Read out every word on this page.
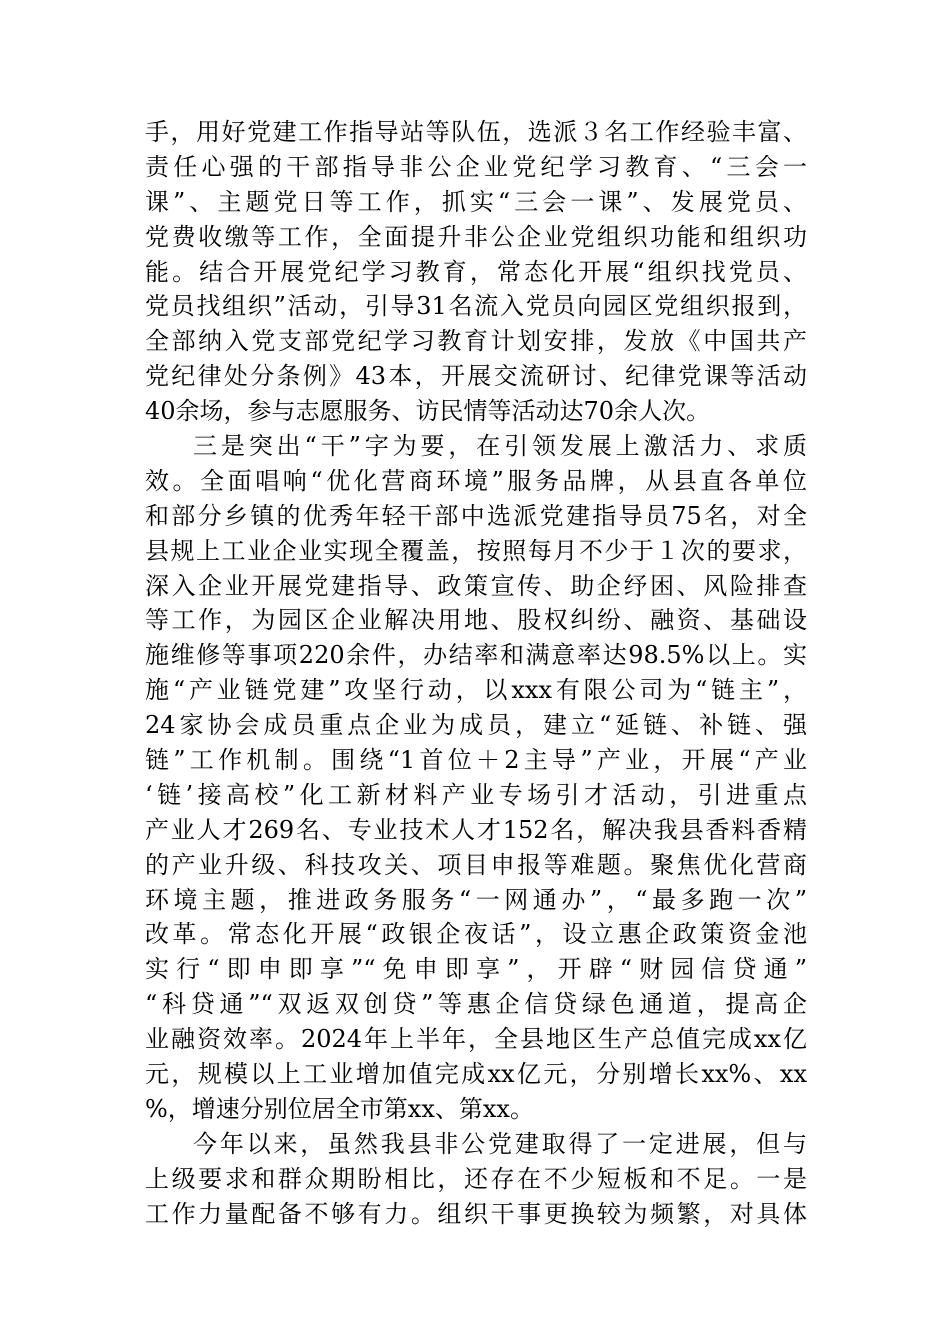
手，用好党建工作指导站等队伍，选派３名工作经验丰富、
责任心强的干部指导非公企业党纪学习教育、“三会一
课”、主题党日等工作，抓实“三会一课”、发展党员、
党费收缴等工作，全面提升非公企业党组织功能和组织功
能。结合开展党纪学习教育，常态化开展“组织找党员、
党员找组织”活动，引导31名流入党员向园区党组织报到，
全部纳入党支部党纪学习教育计划安排，发放《中国共产
党纪律处分条例》43本，开展交流研讨、纪律党课等活动
40余场，参与志愿服务、访民情等活动达70余人次。
三是突出“干”字为要，在引领发展上激活力、求质
效。全面唱响“优化营商环境”服务品牌，从县直各单位
和部分乡镇的优秀年轻干部中选派党建指导员75名，对全
县规上工业企业实现全覆盖，按照每月不少于１次的要求，
深入企业开展党建指导、政策宣传、助企纾困、风险排查
等工作，为园区企业解决用地、股权纠纷、融资、基础设
施维修等事项220余件，办结率和满意率达98.5%以上。实
施“产业链党建”攻坚行动，以xxx有限公司为“链主”，
24家协会成员重点企业为成员，建立“延链、补链、强
链”工作机制。围绕“1首位＋2主导”产业，开展“产业
‘链’接高校”化工新材料产业专场引才活动，引进重点
产业人才269名、专业技术人才152名，解决我县香料香精
的产业升级、科技攻关、项目申报等难题。聚焦优化营商
环境主题，推进政务服务“一网通办”，“最多跑一次”
改革。常态化开展“政银企夜话”，设立惠企政策资金池
实行“即申即享”“免申即享”，开辟“财园信贷通”
“科贷通”“双返双创贷”等惠企信贷绿色通道，提高企
业融资效率。2024年上半年，全县地区生产总值完成xx亿
元，规模以上工业增加值完成xx亿元，分别增长xx%、xx
%，增速分别位居全市第xx、第xx。
今年以来，虽然我县非公党建取得了一定进展，但与
上级要求和群众期盼相比，还存在不少短板和不足。一是
工作力量配备不够有力。组织干事更换较为频繁，对具体
